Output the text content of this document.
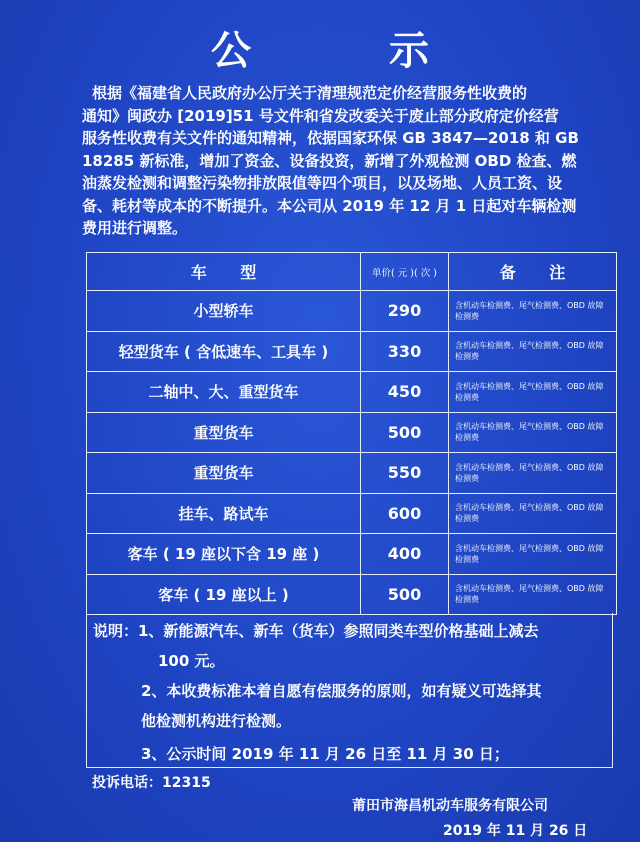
公 示
根据《福建省人民政府办公厅关于清理规范定价经营服务性收费的
通知》闽政办 [2019]51 号文件和省发改委关于废止部分政府定价经营
服务性收费有关文件的通知精神，依据国家环保 GB 3847—2018 和 GB
18285 新标准，增加了资金、设备投资，新增了外观检测 OBD 检查、燃
油蒸发检测和调整污染物排放限值等四个项目，以及场地、人员工资、设
备、耗材等成本的不断提升。本公司从 2019 年 12 月 1 日起对车辆检测
费用进行调整。
车 型	单价( 元 )( 次 )	备 注
小型轿车	290	含机动车检测费、尾气检测费、OBD 故障检测费
轻型货车 ( 含低速车、工具车 )	330	含机动车检测费、尾气检测费、OBD 故障检测费
二轴中、大、重型货车	450	含机动车检测费、尾气检测费、OBD 故障检测费
重型货车	500	含机动车检测费、尾气检测费、OBD 故障检测费
重型货车	550	含机动车检测费、尾气检测费、OBD 故障检测费
挂车、路试车	600	含机动车检测费、尾气检测费、OBD 故障检测费
客车 ( 19 座以下含 19 座 )	400	含机动车检测费、尾气检测费、OBD 故障检测费
客车 ( 19 座以上 )	500	含机动车检测费、尾气检测费、OBD 故障检测费
说明：1、新能源汽车、新车（货车）参照同类车型价格基础上减去
100 元。
2、本收费标准本着自愿有偿服务的原则，如有疑义可选择其
他检测机构进行检测。
3、公示时间 2019 年 11 月 26 日至 11 月 30 日；
投诉电话：12315
莆田市海昌机动车服务有限公司
2019 年 11 月 26 日
